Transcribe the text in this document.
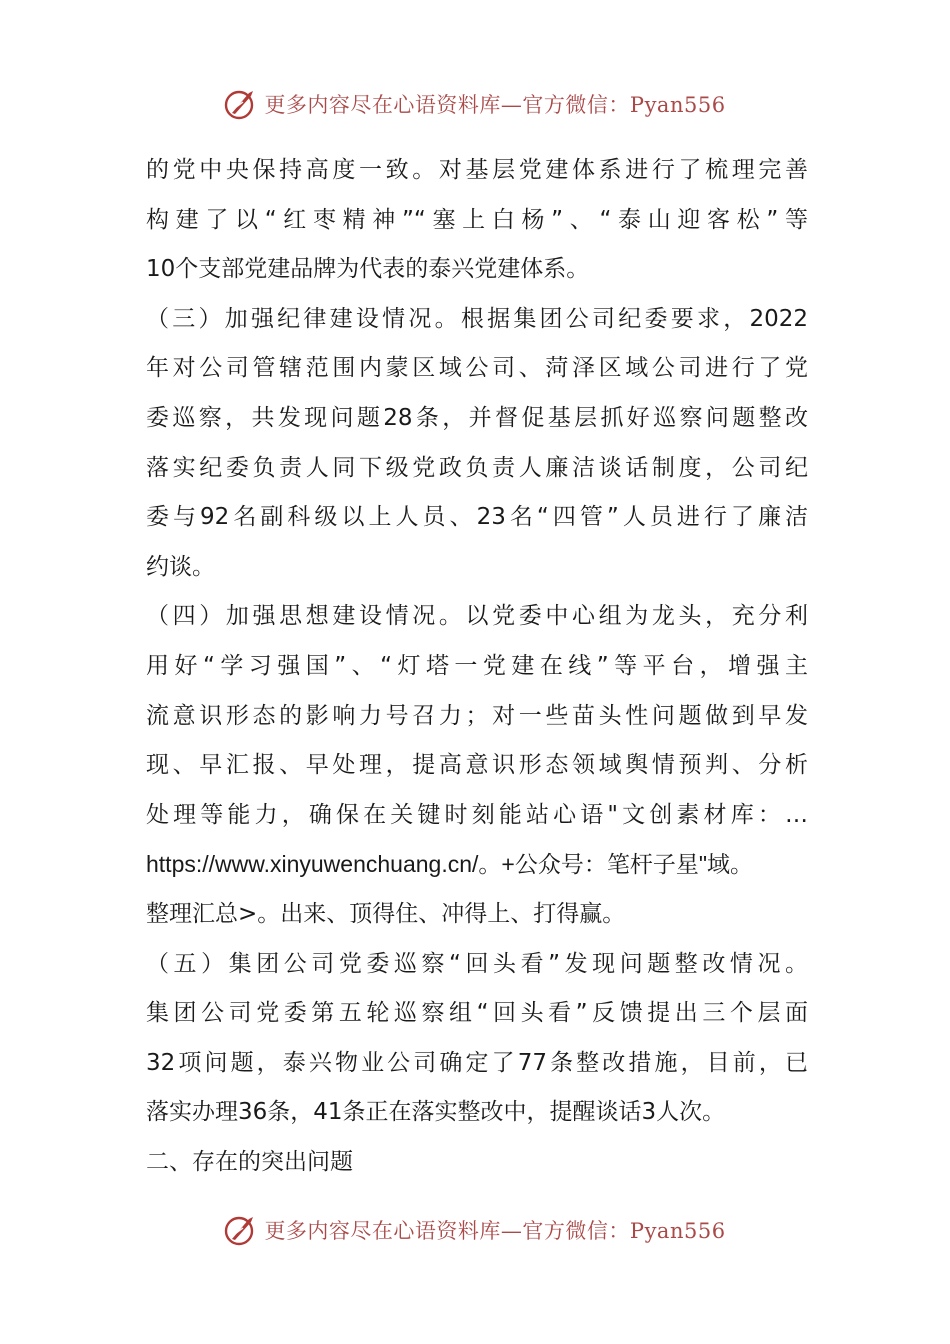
更多内容尽在心语资料库—官方微信：Pyan556
的党中央保持高度一致。对基层党建体系进行了梳理完善
构建了以“红枣精神”“塞上白杨”、“泰山迎客松”等
10个支部党建品牌为代表的泰兴党建体系。
（三）加强纪律建设情况。根据集团公司纪委要求，2022
年对公司管辖范围内蒙区域公司、菏泽区域公司进行了党
委巡察，共发现问题28条，并督促基层抓好巡察问题整改
落实纪委负责人同下级党政负责人廉洁谈话制度，公司纪
委与92名副科级以上人员、23名“四管”人员进行了廉洁
约谈。
（四）加强思想建设情况。以党委中心组为龙头，充分利
用好“学习强国”、“灯塔一党建在线”等平台，增强主
流意识形态的影响力号召力；对一些苗头性问题做到早发
现、早汇报、早处理，提高意识形态领域舆情预判、分析
处理等能力，确保在关键时刻能站心语"文创素材库：…
https://www.xinyuwenchuang.cn/。+公众号：笔杆子星"域。
整理汇总>。出来、顶得住、冲得上、打得赢。
（五）集团公司党委巡察“回头看”发现问题整改情况。
集团公司党委第五轮巡察组“回头看”反馈提出三个层面
32项问题，泰兴物业公司确定了77条整改措施，目前，已
落实办理36条，41条正在落实整改中，提醒谈话3人次。
二、存在的突出问题
更多内容尽在心语资料库—官方微信：Pyan556
